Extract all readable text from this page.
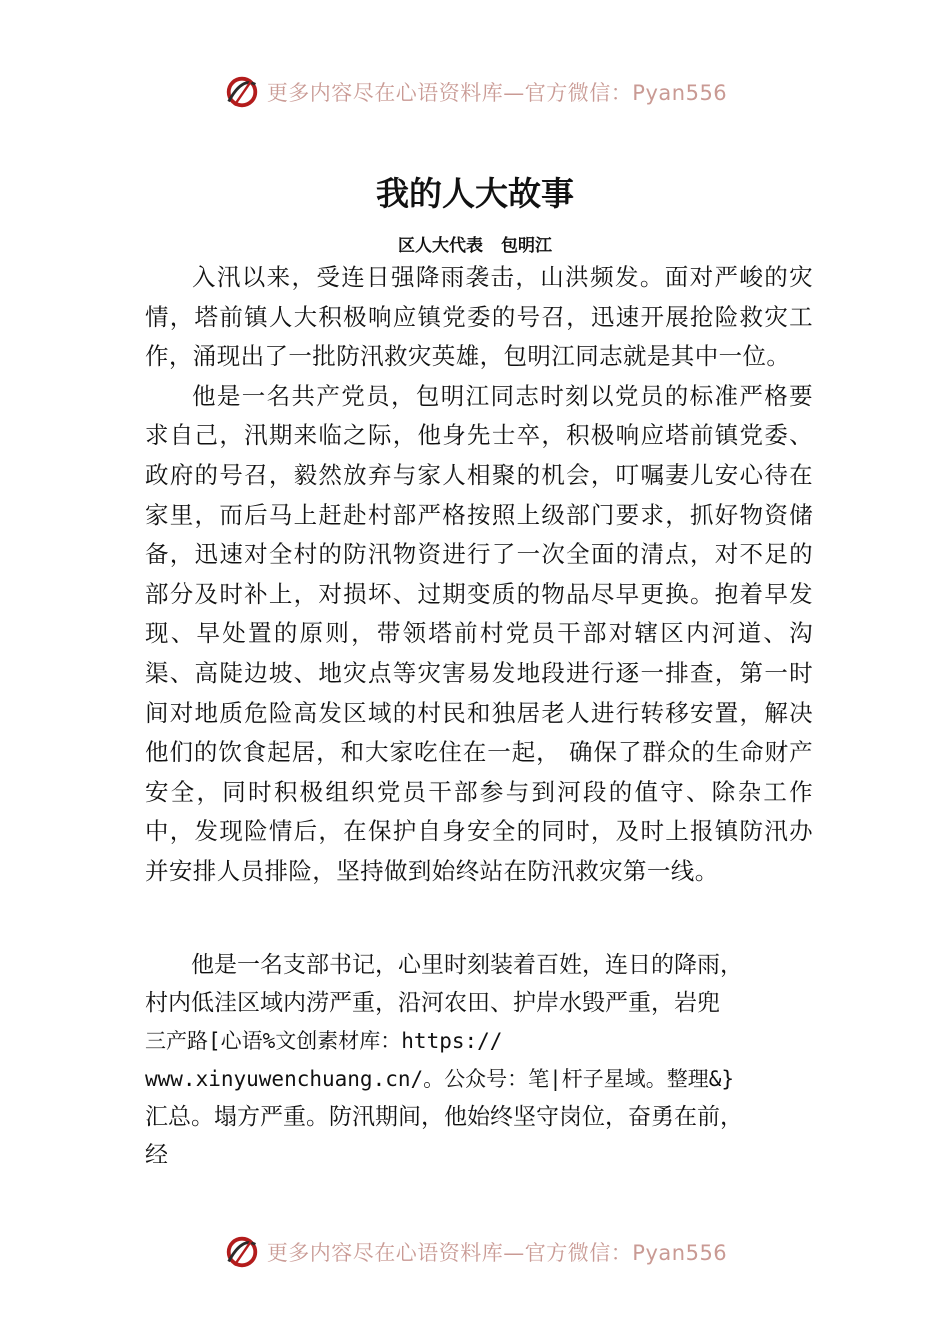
更多内容尽在心语资料库—官方微信：Pyan556
我的人大故事
区人大代表 包明江

入汛以来，受连日强降雨袭击，山洪频发。面对严峻的灾情，塔前镇人大积极响应镇党委的号召，迅速开展抢险救灾工作，涌现出了一批防汛救灾英雄，包明江同志就是其中一位。

他是一名共产党员，包明江同志时刻以党员的标准严格要求自己，汛期来临之际，他身先士卒，积极响应塔前镇党委、政府的号召，毅然放弃与家人相聚的机会，叮嘱妻儿安心待在家里，而后马上赶赴村部严格按照上级部门要求，抓好物资储备，迅速对全村的防汛物资进行了一次全面的清点，对不足的部分及时补上，对损坏、过期变质的物品尽早更换。抱着早发现、早处置的原则，带领塔前村党员干部对辖区内河道、沟渠、高陡边坡、地灾点等灾害易发地段进行逐一排查，第一时间对地质危险高发区域的村民和独居老人进行转移安置，解决他们的饮食起居，和大家吃住在一起， 确保了群众的生命财产安全，同时积极组织党员干部参与到河段的值守、除杂工作中，发现险情后，在保护自身安全的同时，及时上报镇防汛办并安排人员排险，坚持做到始终站在防汛救灾第一线。

他是一名支部书记，心里时刻装着百姓，连日的降雨，
村内低洼区域内涝严重，沿河农田、护岸水毁严重，岩兜
三产路[心语%文创素材库：https://
www.xinyuwenchuang.cn/。公众号：笔|杆子星域。整理&}
汇总。塌方严重。防汛期间，他始终坚守岗位，奋勇在前，
经
更多内容尽在心语资料库—官方微信：Pyan556
